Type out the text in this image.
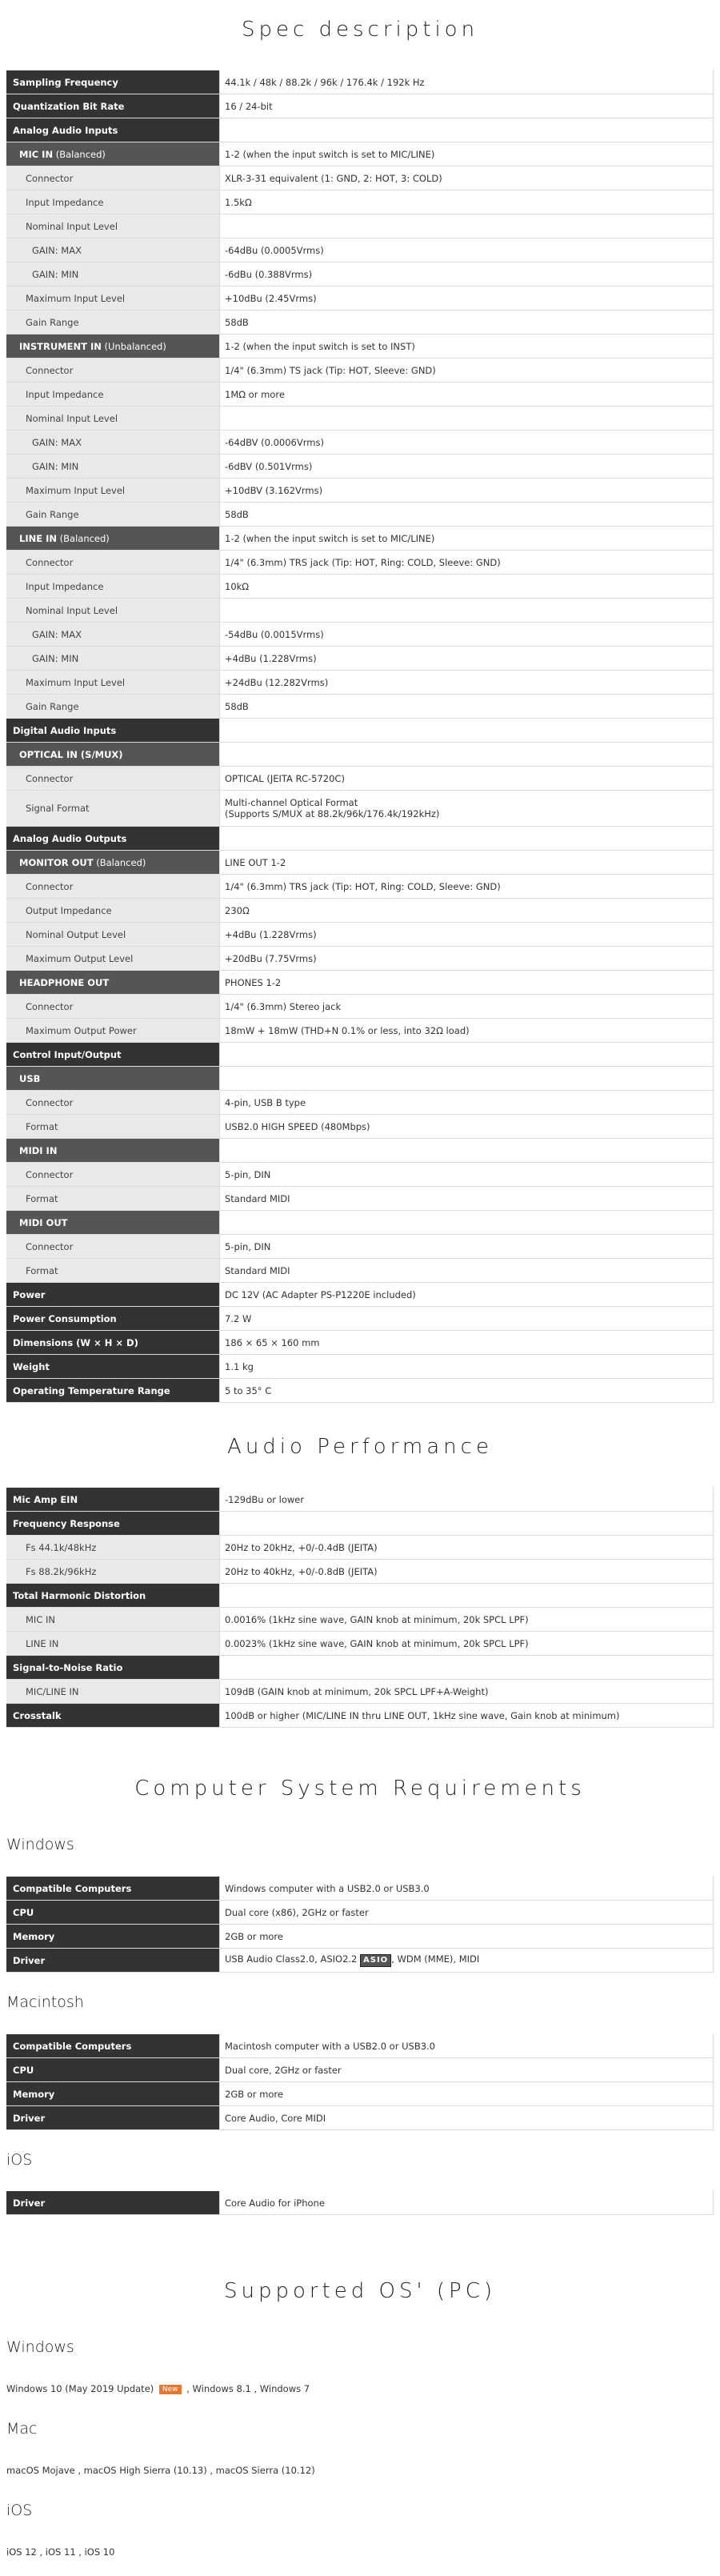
Spec description
Sampling Frequency	44.1k / 48k / 88.2k / 96k / 176.4k / 192k Hz
Quantization Bit Rate	16 / 24-bit
Analog Audio Inputs	
MIC IN (Balanced)	1-2 (when the input switch is set to MIC/LINE)
Connector	XLR-3-31 equivalent (1: GND, 2: HOT, 3: COLD)
Input Impedance	1.5kΩ
Nominal Input Level	
GAIN: MAX	-64dBu (0.0005Vrms)
GAIN: MIN	-6dBu (0.388Vrms)
Maximum Input Level	+10dBu (2.45Vrms)
Gain Range	58dB
INSTRUMENT IN (Unbalanced)	1-2 (when the input switch is set to INST)
Connector	1/4" (6.3mm) TS jack (Tip: HOT, Sleeve: GND)
Input Impedance	1MΩ or more
Nominal Input Level	
GAIN: MAX	-64dBV (0.0006Vrms)
GAIN: MIN	-6dBV (0.501Vrms)
Maximum Input Level	+10dBV (3.162Vrms)
Gain Range	58dB
LINE IN (Balanced)	1-2 (when the input switch is set to MIC/LINE)
Connector	1/4" (6.3mm) TRS jack (Tip: HOT, Ring: COLD, Sleeve: GND)
Input Impedance	10kΩ
Nominal Input Level	
GAIN: MAX	-54dBu (0.0015Vrms)
GAIN: MIN	+4dBu (1.228Vrms)
Maximum Input Level	+24dBu (12.282Vrms)
Gain Range	58dB
Digital Audio Inputs	
OPTICAL IN (S/MUX)	
Connector	OPTICAL (JEITA RC-5720C)
Signal Format	Multi-channel Optical Format
(Supports S/MUX at 88.2k/96k/176.4k/192kHz)
Analog Audio Outputs	
MONITOR OUT (Balanced)	LINE OUT 1-2
Connector	1/4" (6.3mm) TRS jack (Tip: HOT, Ring: COLD, Sleeve: GND)
Output Impedance	230Ω
Nominal Output Level	+4dBu (1.228Vrms)
Maximum Output Level	+20dBu (7.75Vrms)
HEADPHONE OUT	PHONES 1-2
Connector	1/4" (6.3mm) Stereo jack
Maximum Output Power	18mW + 18mW (THD+N 0.1% or less, into 32Ω load)
Control Input/Output	
USB	
Connector	4-pin, USB B type
Format	USB2.0 HIGH SPEED (480Mbps)
MIDI IN	
Connector	5-pin, DIN
Format	Standard MIDI
MIDI OUT	
Connector	5-pin, DIN
Format	Standard MIDI
Power	DC 12V (AC Adapter PS-P1220E included)
Power Consumption	7.2 W
Dimensions (W × H × D)	186 × 65 × 160 mm
Weight	1.1 kg
Operating Temperature Range	5 to 35° C
Audio Performance
Mic Amp EIN	-129dBu or lower
Frequency Response	
Fs 44.1k/48kHz	20Hz to 20kHz, +0/-0.4dB (JEITA)
Fs 88.2k/96kHz	20Hz to 40kHz, +0/-0.8dB (JEITA)
Total Harmonic Distortion	
MIC IN	0.0016% (1kHz sine wave, GAIN knob at minimum, 20k SPCL LPF)
LINE IN	0.0023% (1kHz sine wave, GAIN knob at minimum, 20k SPCL LPF)
Signal-to-Noise Ratio	
MIC/LINE IN	109dB (GAIN knob at minimum, 20k SPCL LPF+A-Weight)
Crosstalk	100dB or higher (MIC/LINE IN thru LINE OUT, 1kHz sine wave, Gain knob at minimum)
Computer System Requirements
Windows
Compatible Computers	Windows computer with a USB2.0 or USB3.0
CPU	Dual core (x86), 2GHz or faster
Memory	2GB or more
Driver	USB Audio Class2.0, ASIO2.2 ASIO , WDM (MME), MIDI
Macintosh
Compatible Computers	Macintosh computer with a USB2.0 or USB3.0
CPU	Dual core, 2GHz or faster
Memory	2GB or more
Driver	Core Audio, Core MIDI
iOS
Driver	Core Audio for iPhone
Supported OS' (PC)
Windows
Windows 10 (May 2019 Update) New , Windows 8.1 , Windows 7
Mac
macOS Mojave , macOS High Sierra (10.13) , macOS Sierra (10.12)
iOS
iOS 12 , iOS 11 , iOS 10
